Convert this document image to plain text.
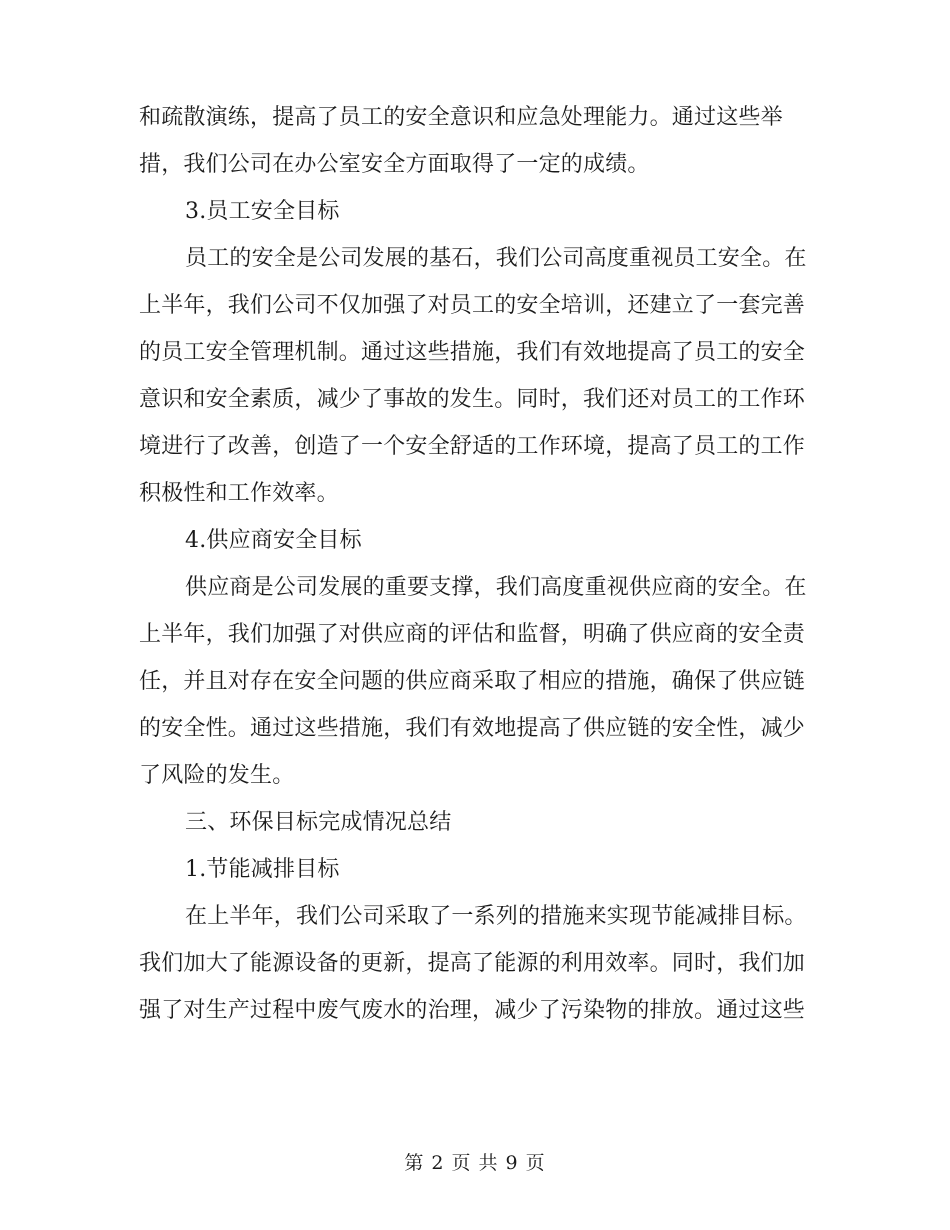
和疏散演练，提高了员工的安全意识和应急处理能力。通过这些举
措，我们公司在办公室安全方面取得了一定的成绩。
3.员工安全目标
员工的安全是公司发展的基石，我们公司高度重视员工安全。在
上半年，我们公司不仅加强了对员工的安全培训，还建立了一套完善
的员工安全管理机制。通过这些措施，我们有效地提高了员工的安全
意识和安全素质，减少了事故的发生。同时，我们还对员工的工作环
境进行了改善，创造了一个安全舒适的工作环境，提高了员工的工作
积极性和工作效率。
4.供应商安全目标
供应商是公司发展的重要支撑，我们高度重视供应商的安全。在
上半年，我们加强了对供应商的评估和监督，明确了供应商的安全责
任，并且对存在安全问题的供应商采取了相应的措施，确保了供应链
的安全性。通过这些措施，我们有效地提高了供应链的安全性，减少
了风险的发生。
三、环保目标完成情况总结
1.节能减排目标
在上半年，我们公司采取了一系列的措施来实现节能减排目标。
我们加大了能源设备的更新，提高了能源的利用效率。同时，我们加
强了对生产过程中废气废水的治理，减少了污染物的排放。通过这些
第 2 页 共 9 页
